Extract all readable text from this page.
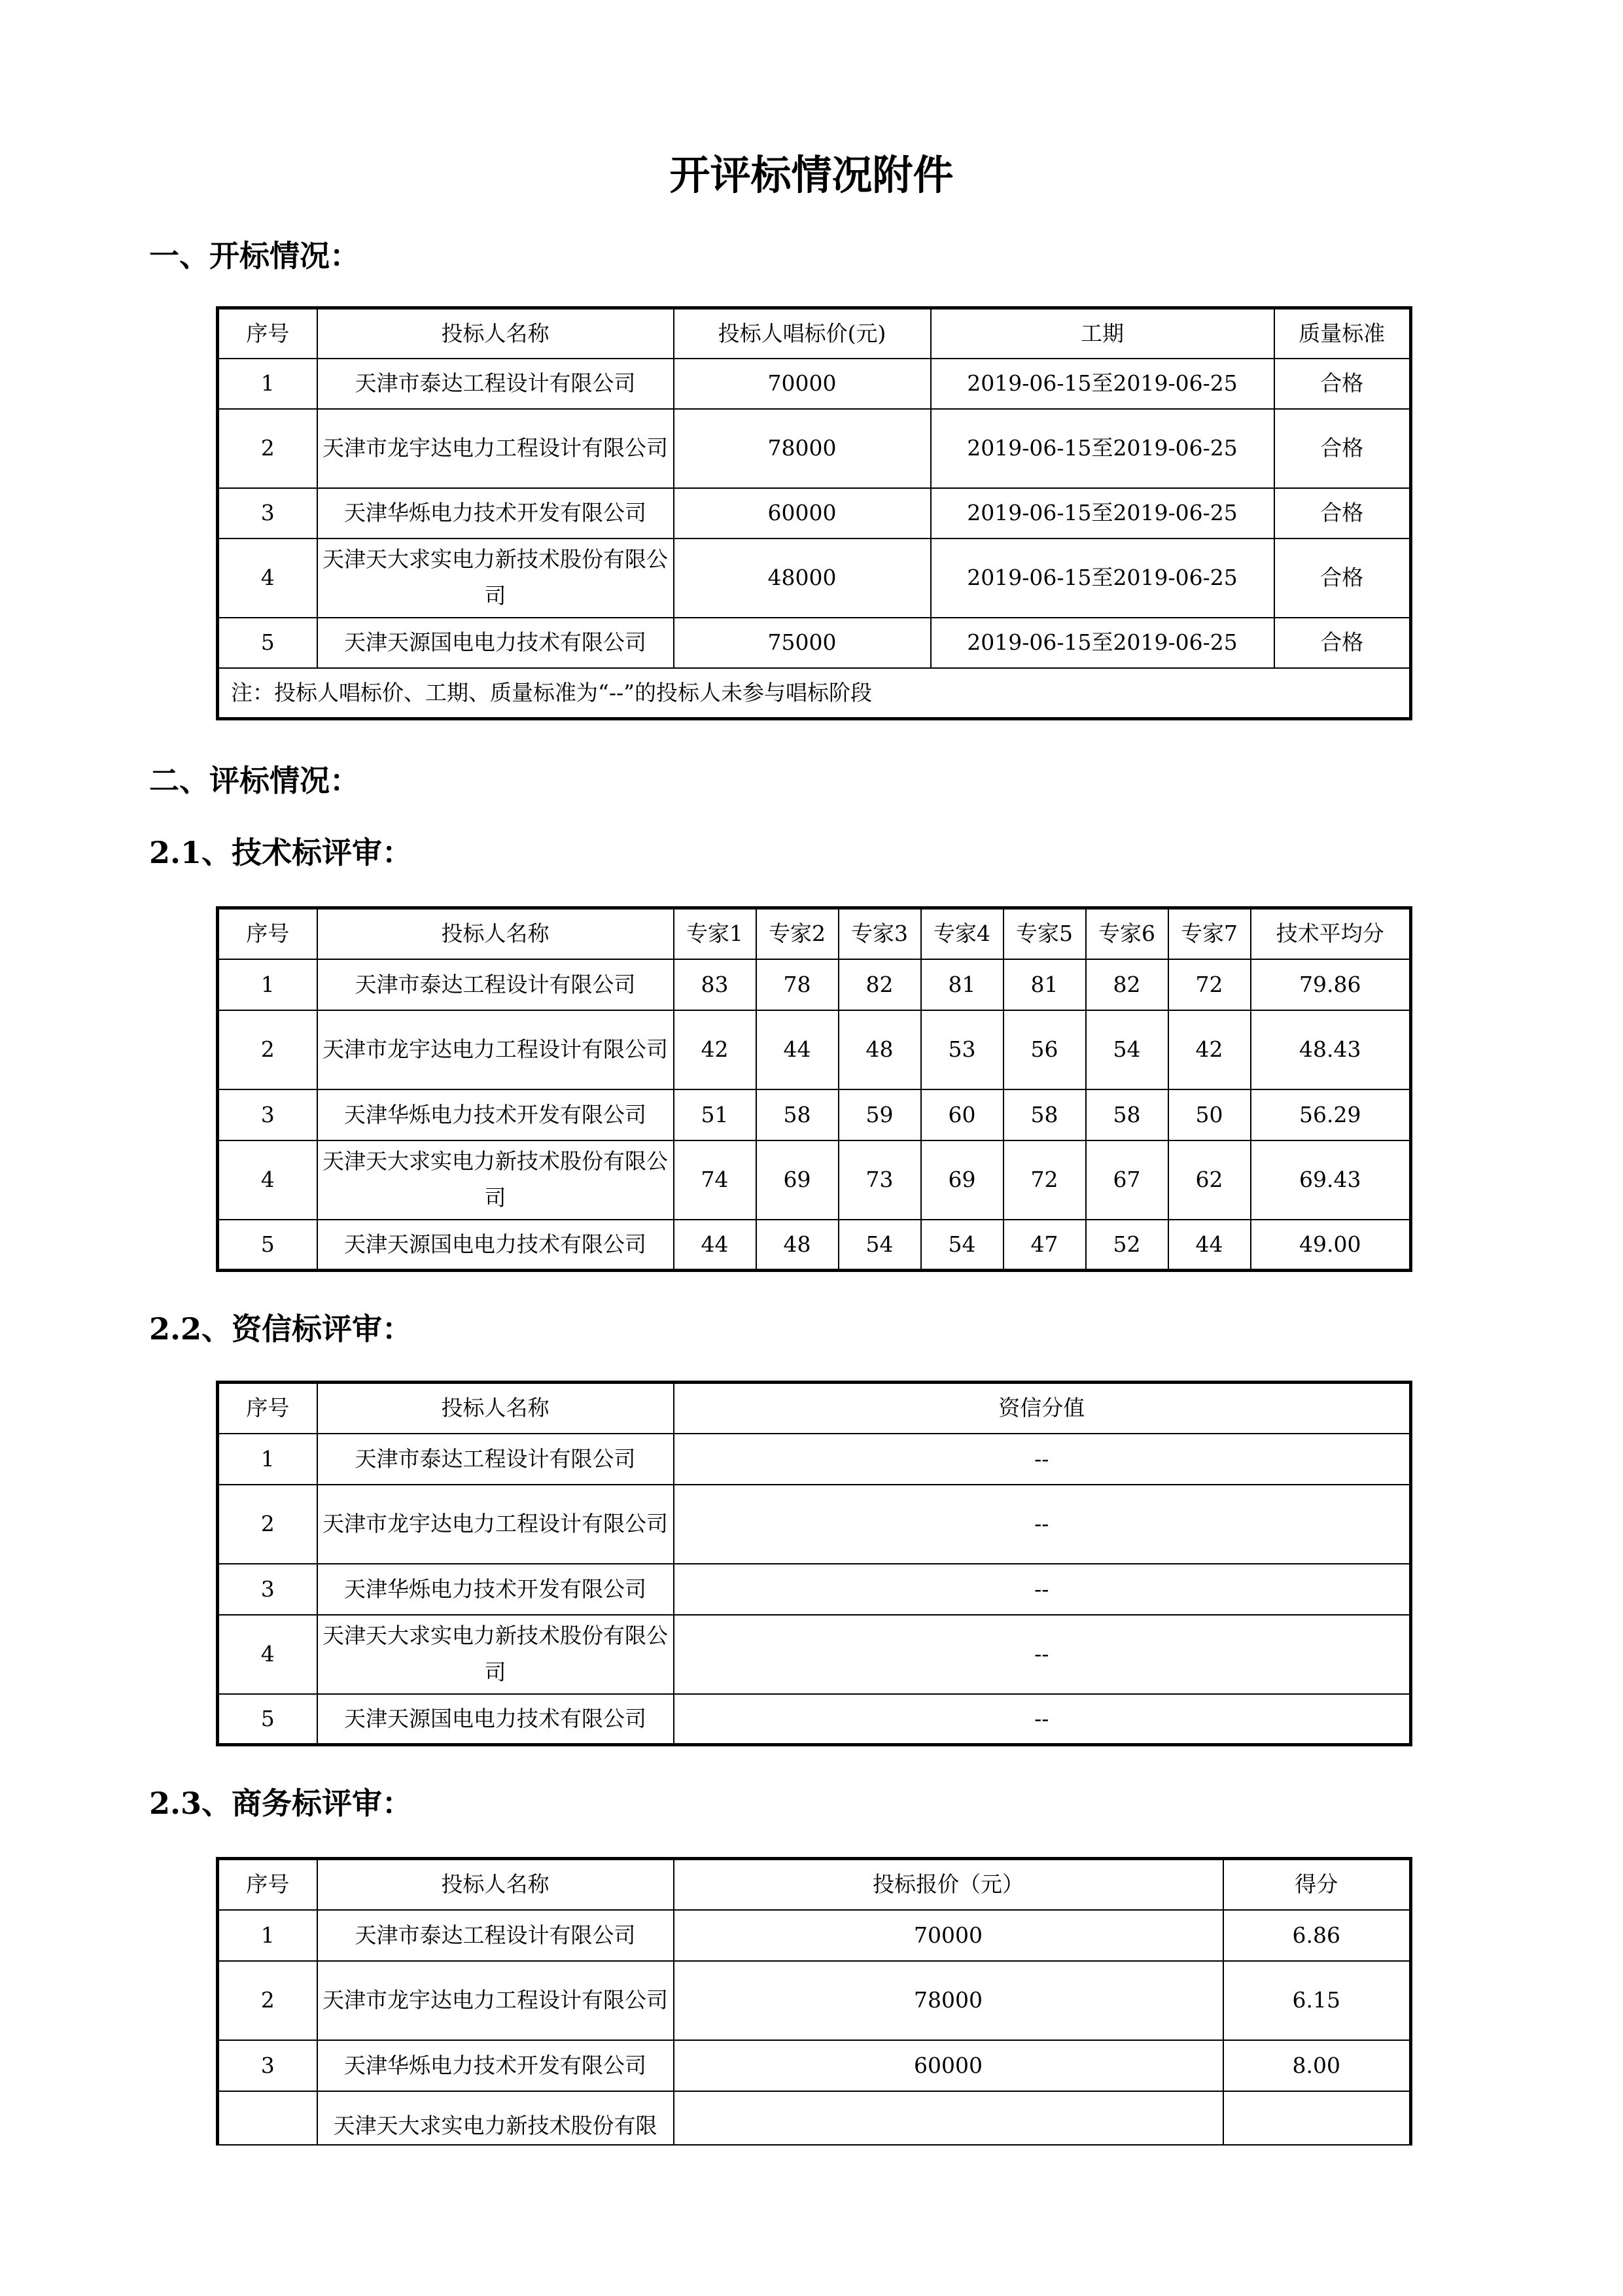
开评标情况附件
一、开标情况：
序号	投标人名称	投标人唱标价(元)	工期	质量标准
1	天津市泰达工程设计有限公司	70000	2019-06-15至2019-06-25	合格
2	天津市龙宇达电力工程设计有限公司	78000	2019-06-15至2019-06-25	合格
3	天津华烁电力技术开发有限公司	60000	2019-06-15至2019-06-25	合格
4	天津天大求实电力新技术股份有限公司	48000	2019-06-15至2019-06-25	合格
5	天津天源国电电力技术有限公司	75000	2019-06-15至2019-06-25	合格
注：投标人唱标价、工期、质量标准为“--”的投标人未参与唱标阶段				
二、评标情况：
2.1、技术标评审：
序号	投标人名称	专家1	专家2	专家3	专家4	专家5	专家6	专家7	技术平均分
1	天津市泰达工程设计有限公司	83	78	82	81	81	82	72	79.86
2	天津市龙宇达电力工程设计有限公司	42	44	48	53	56	54	42	48.43
3	天津华烁电力技术开发有限公司	51	58	59	60	58	58	50	56.29
4	天津天大求实电力新技术股份有限公司	74	69	73	69	72	67	62	69.43
5	天津天源国电电力技术有限公司	44	48	54	54	47	52	44	49.00
2.2、资信标评审：
序号	投标人名称	资信分值
1	天津市泰达工程设计有限公司	--
2	天津市龙宇达电力工程设计有限公司	--
3	天津华烁电力技术开发有限公司	--
4	天津天大求实电力新技术股份有限公司	--
5	天津天源国电电力技术有限公司	--
2.3、商务标评审：
序号	投标人名称	投标报价（元）	得分
1	天津市泰达工程设计有限公司	70000	6.86
2	天津市龙宇达电力工程设计有限公司	78000	6.15
3	天津华烁电力技术开发有限公司	60000	8.00
	天津天大求实电力新技术股份有限		
